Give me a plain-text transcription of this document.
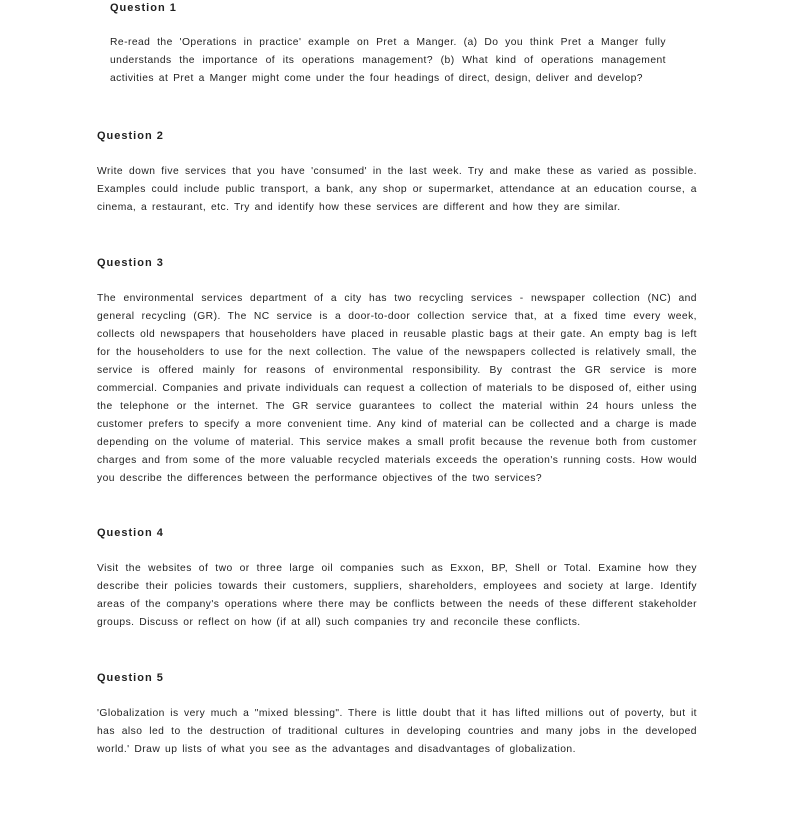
Question 1

Re-read the 'Operations in practice' example on Pret a Manger. (a) Do you think Pret a Manger fully understands the importance of its operations management? (b) What kind of operations management activities at Pret a Manger might come under the four headings of direct, design, deliver and develop?

Question 2

Write down five services that you have 'consumed' in the last week. Try and make these as varied as possible. Examples could include public transport, a bank, any shop or supermarket, attendance at an education course, a cinema, a restaurant, etc. Try and identify how these services are different and how they are similar.

Question 3

The environmental services department of a city has two recycling services - newspaper collection (NC) and general recycling (GR). The NC service is a door-to-door collection service that, at a fixed time every week, collects old newspapers that householders have placed in reusable plastic bags at their gate. An empty bag is left for the householders to use for the next collection. The value of the newspapers collected is relatively small, the service is offered mainly for reasons of environmental responsibility. By contrast the GR service is more commercial. Companies and private individuals can request a collection of materials to be disposed of, either using the telephone or the internet. The GR service guarantees to collect the material within 24 hours unless the customer prefers to specify a more convenient time. Any kind of material can be collected and a charge is made depending on the volume of material. This service makes a small profit because the revenue both from customer charges and from some of the more valuable recycled materials exceeds the operation's running costs. How would you describe the differences between the performance objectives of the two services?

Question 4

Visit the websites of two or three large oil companies such as Exxon, BP, Shell or Total. Examine how they describe their policies towards their customers, suppliers, shareholders, employees and society at large. Identify areas of the company's operations where there may be conflicts between the needs of these different stakeholder groups. Discuss or reflect on how (if at all) such companies try and reconcile these conflicts.

Question 5

'Globalization is very much a "mixed blessing". There is little doubt that it has lifted millions out of poverty, but it has also led to the destruction of traditional cultures in developing countries and many jobs in the developed world.' Draw up lists of what you see as the advantages and disadvantages of globalization.
